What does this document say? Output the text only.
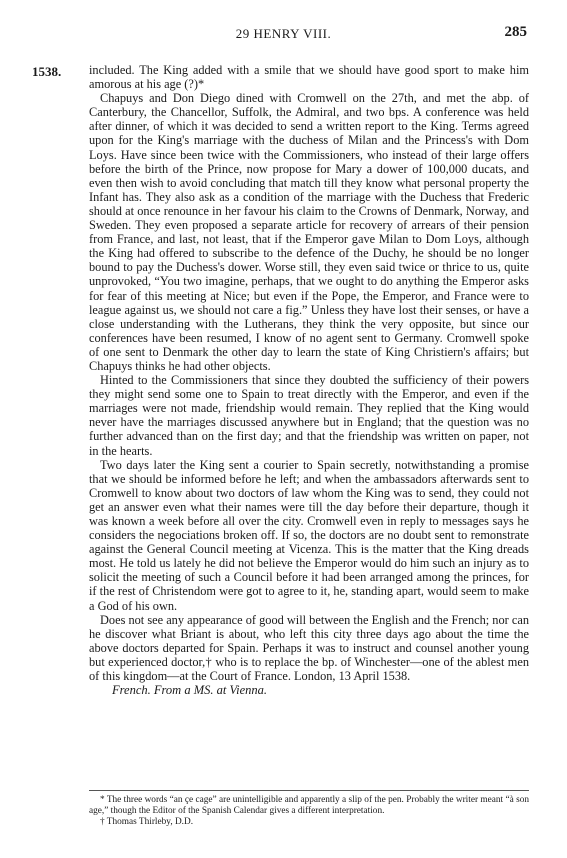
29 HENRY VIII.	285
1538. included. The King added with a smile that we should have good sport to make him amorous at his age (?)*

Chapuys and Don Diego dined with Cromwell on the 27th, and met the abp. of Canterbury, the Chancellor, Suffolk, the Admiral, and two bps. A conference was held after dinner, of which it was decided to send a written report to the King. Terms agreed upon for the King's marriage with the duchess of Milan and the Princess's with Dom Loys. Have since been twice with the Commissioners, who instead of their large offers before the birth of the Prince, now propose for Mary a dower of 100,000 ducats, and even then wish to avoid concluding that match till they know what personal property the Infant has. They also ask as a condition of the marriage with the Duchess that Frederic should at once renounce in her favour his claim to the Crowns of Denmark, Norway, and Sweden. They even proposed a separate article for recovery of arrears of their pension from France, and last, not least, that if the Emperor gave Milan to Dom Loys, although the King had offered to subscribe to the defence of the Duchy, he should be no longer bound to pay the Duchess's dower. Worse still, they even said twice or thrice to us, quite unprovoked, “You two imagine, perhaps, that we ought to do anything the Emperor asks for fear of this meeting at Nice; but even if the Pope, the Emperor, and France were to league against us, we should not care a fig.” Unless they have lost their senses, or have a close understanding with the Lutherans, they think the very opposite, but since our conferences have been resumed, I know of no agent sent to Germany. Cromwell spoke of one sent to Denmark the other day to learn the state of King Christiern's affairs; but Chapuys thinks he had other objects.

Hinted to the Commissioners that since they doubted the sufficiency of their powers they might send some one to Spain to treat directly with the Emperor, and even if the marriages were not made, friendship would remain. They replied that the King would never have the marriages discussed anywhere but in England; that the question was no further advanced than on the first day; and that the friendship was written on paper, not in the hearts.

Two days later the King sent a courier to Spain secretly, notwithstanding a promise that we should be informed before he left; and when the ambassadors afterwards sent to Cromwell to know about two doctors of law whom the King was to send, they could not get an answer even what their names were till the day before their departure, though it was known a week before all over the city. Cromwell even in reply to messages says he considers the negociations broken off. If so, the doctors are no doubt sent to remonstrate against the General Council meeting at Vicenza. This is the matter that the King dreads most. He told us lately he did not believe the Emperor would do him such an injury as to solicit the meeting of such a Council before it had been arranged among the princes, for if the rest of Christendom were got to agree to it, he, standing apart, would seem to make a God of his own.

Does not see any appearance of good will between the English and the French; nor can he discover what Briant is about, who left this city three days ago about the time the above doctors departed for Spain. Perhaps it was to instruct and counsel another young but experienced doctor,† who is to replace the bp. of Winchester—one of the ablest men of this kingdom—at the Court of France. London, 13 April 1538.

French. From a MS. at Vienna.

* The three words “an çe cage” are unintelligible and apparently a slip of the pen. Probably the writer meant “à son age,” though the Editor of the Spanish Calendar gives a different interpretation.

† Thomas Thirleby, D.D.
